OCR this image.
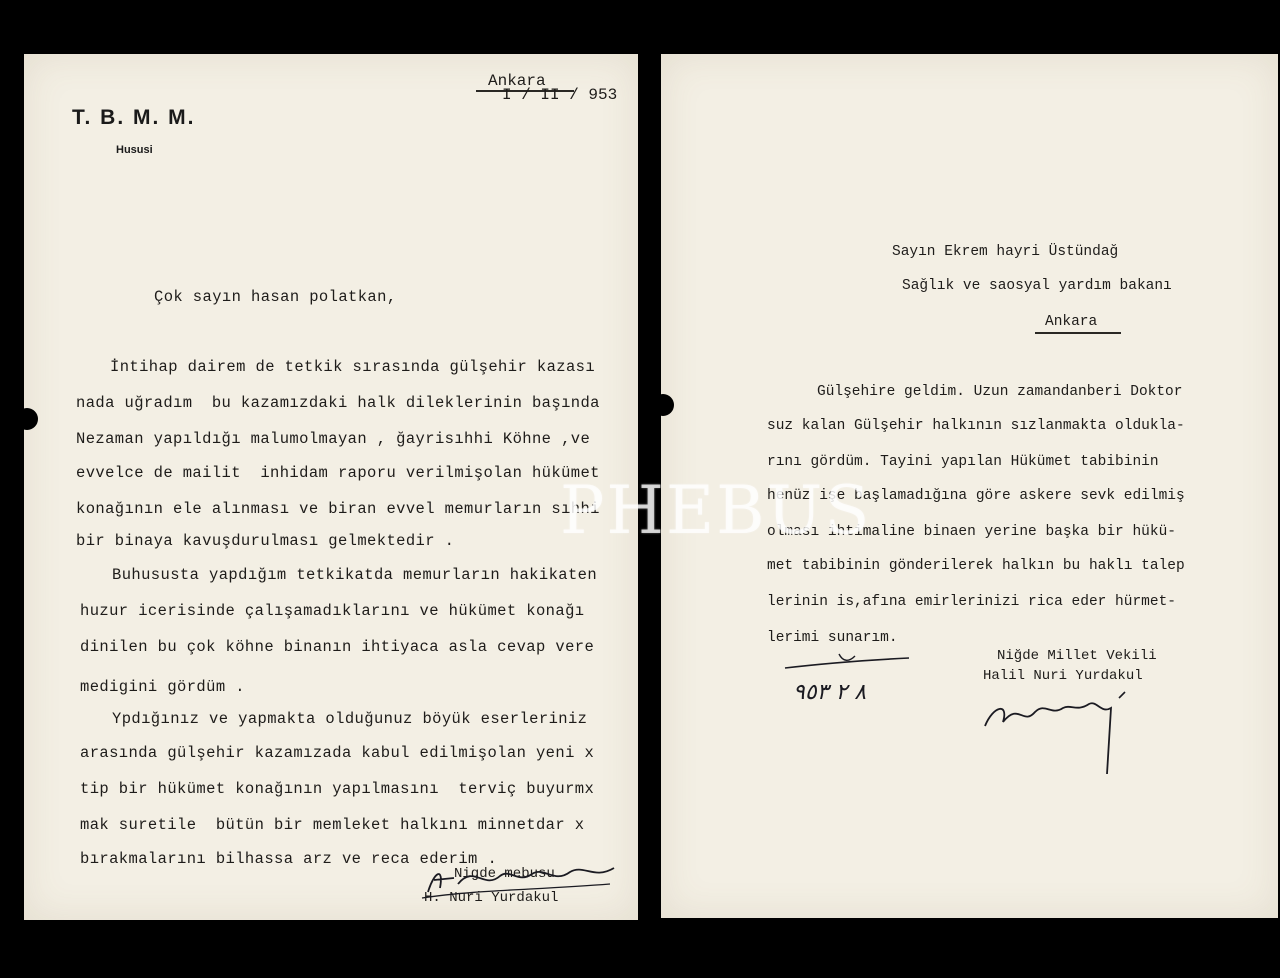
T. B. M. M.
Hususi
Ankara
I / II / 953
Çok sayın hasan polatkan,
İntihap dairem de tetkik sırasında gülşehir kazası
nada uğradım  bu kazamızdaki halk dileklerinin başında
Nezaman yapıldığı malumolmayan , ğayrisıhhi Köhne ,ve
evvelce de mailit  inhidam raporu verilmişolan hükümet
konağının ele alınması ve biran evvel memurların sıhhi
bir binaya kavuşdurulması gelmektedir .
Buhususta yapdığım tetkikatda memurların hakikaten
huzur icerisinde çalışamadıklarını ve hükümet konağı
dinilen bu çok köhne binanın ihtiyaca asla cevap vere
medigini gördüm .
Ypdığınız ve yapmakta olduğunuz böyük eserleriniz
arasında gülşehir kazamızada kabul edilmişolan yeni x
tip bir hükümet konağının yapılmasını  terviç buyurmx
mak suretile  bütün bir memleket halkını minnetdar x
bırakmalarını bilhassa arz ve reca ederim .
Nigde mebusu
H. Nuri Yurdakul
Sayın Ekrem hayri Üstündağ
Sağlık ve saosyal yardım bakanı
Ankara
Gülşehire geldim. Uzun zamandanberi Doktor
suz kalan Gülşehir halkının sızlanmakta oldukla-
rını gördüm. Tayini yapılan Hükümet tabibinin
henüz işe başlamadığına göre askere sevk edilmiş
olması ihtimaline binaen yerine başka bir hükü-
met tabibinin gönderilerek halkın bu haklı talep
lerinin is,afına emirlerinizi rica eder hürmet-
lerimi sunarım.
Niğde Millet Vekili
Halil Nuri Yurdakul
٨ ٢ ٩٥٣
PHEBUS
